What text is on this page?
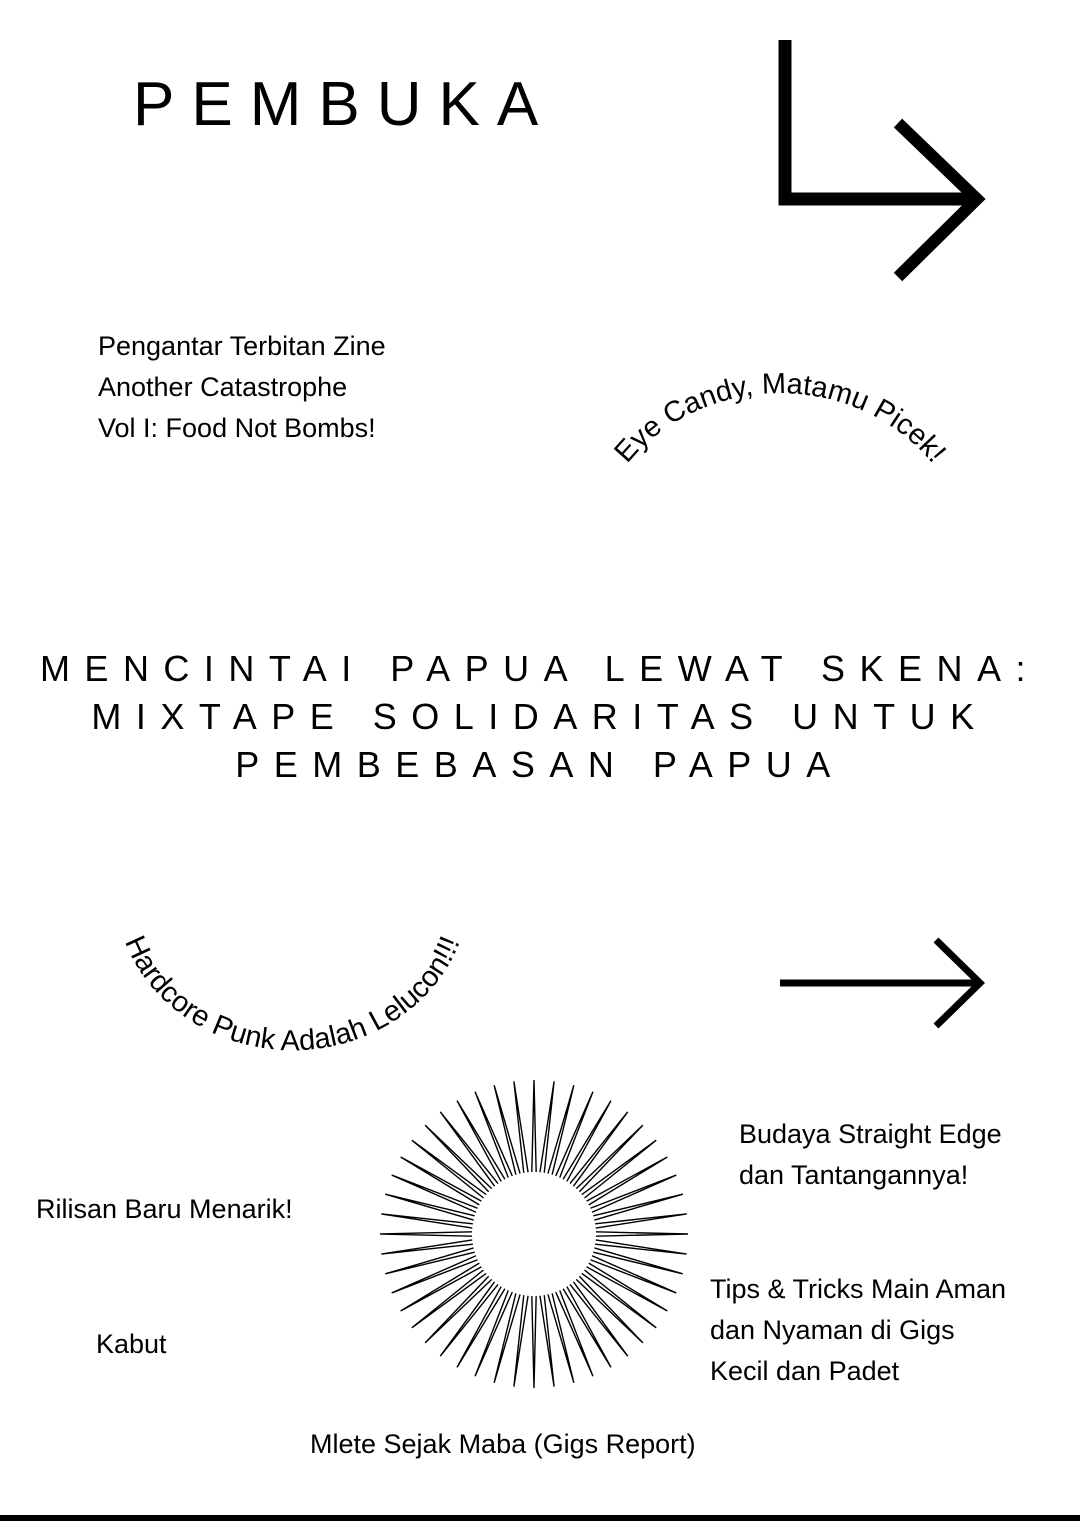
PEMBUKA
Pengantar Terbitan Zine
Another Catastrophe
Vol I: Food Not Bombs!
Eye Candy, Matamu Picek!
MENCINTAI PAPUA LEWAT SKENA:
MIXTAPE SOLIDARITAS UNTUK
PEMBEBASAN PAPUA
Hardcore Punk Adalah Lelucon!!!
Budaya Straight Edge
dan Tantangannya!
Rilisan Baru Menarik!
Tips & Tricks Main Aman
dan Nyaman di Gigs
Kecil dan Padet
Kabut
Mlete Sejak Maba (Gigs Report)
